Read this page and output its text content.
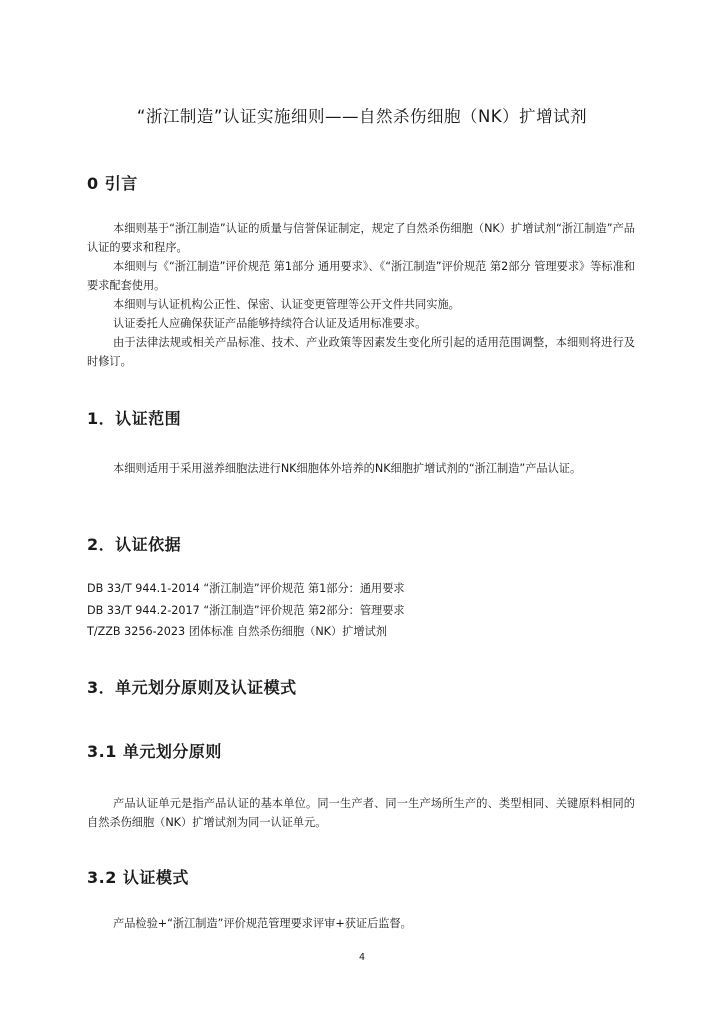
“浙江制造”认证实施细则——自然杀伤细胞（NK）扩增试剂
0 引言
本细则基于“浙江制造”认证的质量与信誉保证制定，规定了自然杀伤细胞（NK）扩增试剂“浙江制造”产品认证的要求和程序。
本细则与《“浙江制造”评价规范 第1部分 通用要求》、《“浙江制造”评价规范 第2部分 管理要求》等标准和要求配套使用。
本细则与认证机构公正性、保密、认证变更管理等公开文件共同实施。
认证委托人应确保获证产品能够持续符合认证及适用标准要求。
由于法律法规或相关产品标准、技术、产业政策等因素发生变化所引起的适用范围调整，本细则将进行及时修订。
1．认证范围
本细则适用于采用滋养细胞法进行NK细胞体外培养的NK细胞扩增试剂的“浙江制造”产品认证。
2．认证依据
DB 33/T 944.1-2014 “浙江制造”评价规范 第1部分：通用要求
DB 33/T 944.2-2017 “浙江制造”评价规范 第2部分：管理要求
T/ZZB 3256-2023 团体标准 自然杀伤细胞（NK）扩增试剂
3．单元划分原则及认证模式
3.1 单元划分原则
产品认证单元是指产品认证的基本单位。同一生产者、同一生产场所生产的、类型相同、关键原料相同的自然杀伤细胞（NK）扩增试剂为同一认证单元。
3.2 认证模式
产品检验+“浙江制造”评价规范管理要求评审+获证后监督。
4
